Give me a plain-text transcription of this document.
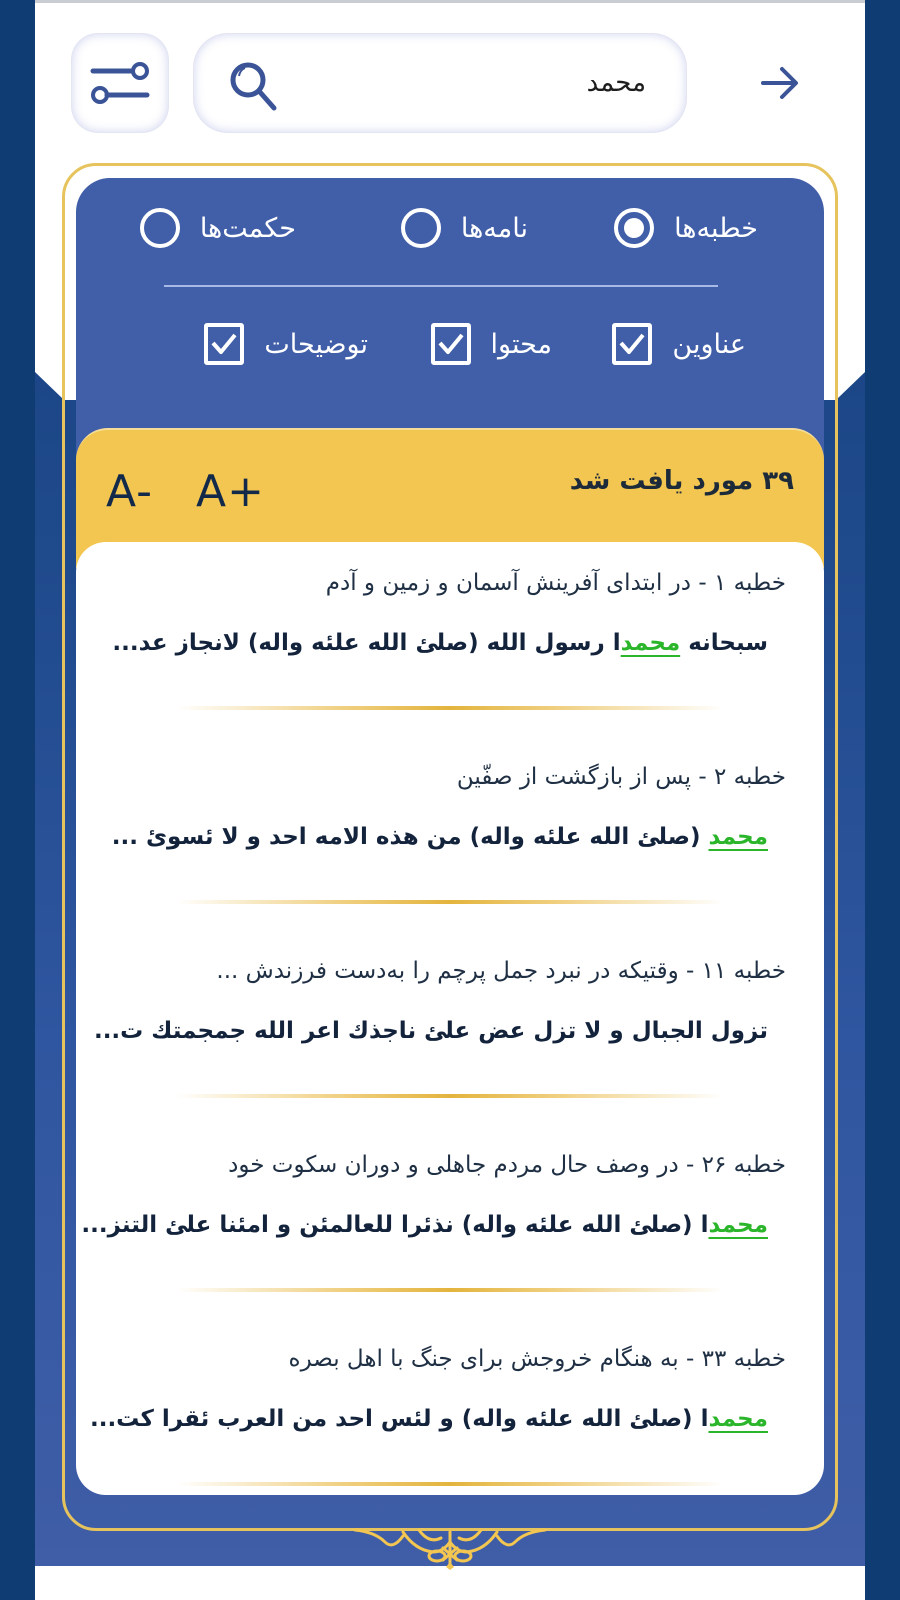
محمد
خطبه‌ها
نامه‌ها
حکمت‌ها
عناوین
محتوا
توضیحات
۳۹ مورد یافت شد
A- A+
خطبه ۱ - در ابتدای آفرینش آسمان و زمین و آدم
سبحانه محمدا رسول الله (صلئ الله علئه واله) لانجاز عد...
خطبه ۲ - پس از بازگشت از صفّین
محمد (صلئ الله علئه واله) من هذه الامه احد و لا ئسوئ ...
خطبه ۱۱ - وقتیکه در نبرد جمل پرچم را به‌دست فرزندش ...
تزول الجبال و لا تزل عض علئ ناجذك اعر الله جمجمتك ت...
خطبه ۲۶ - در وصف حال مردم جاهلی و دوران سکوت خود
محمدا (صلئ الله علئه واله) نذئرا للعالمئن و امئنا علئ التنز...
خطبه ۳۳ - به هنگام خروجش برای جنگ با اهل بصره
محمدا (صلئ الله علئه واله) و لئس احد من العرب ئقرا كت...
